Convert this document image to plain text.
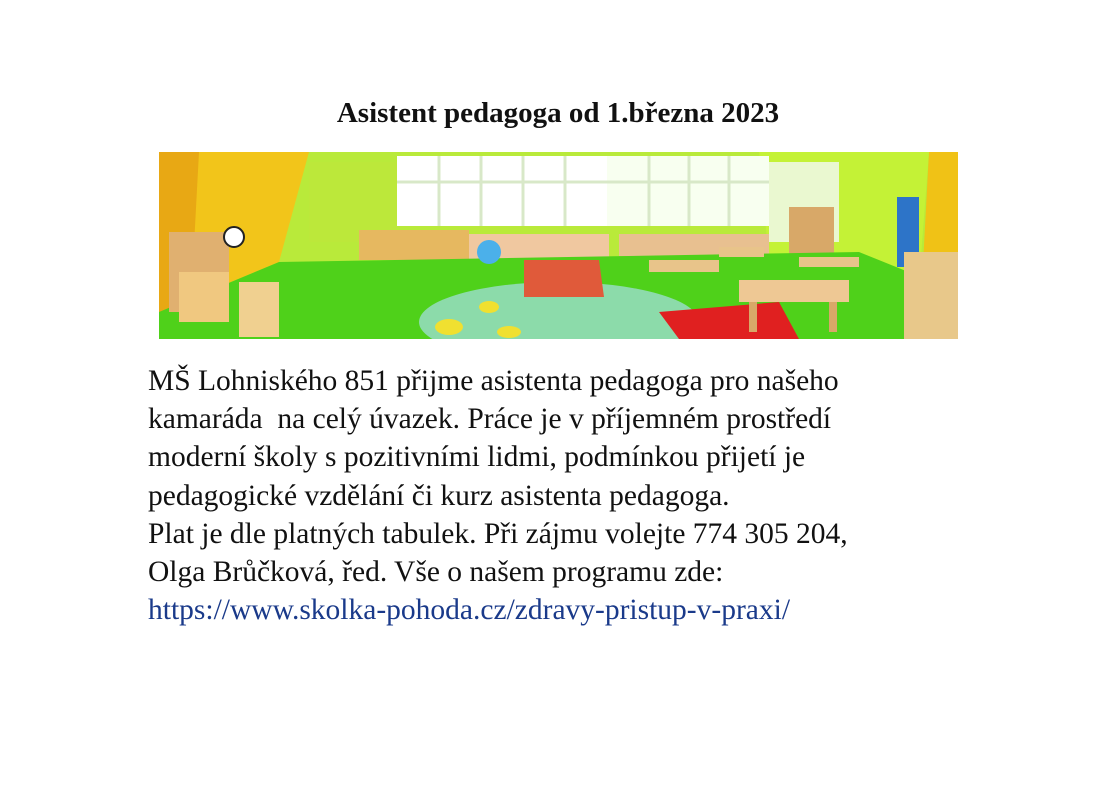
Asistent pedagoga od 1.března 2023
MŠ Lohniského 851 přijme asistenta pedagoga pro našeho
kamaráda  na celý úvazek. Práce je v příjemném prostředí
moderní školy s pozitivními lidmi, podmínkou přijetí je
pedagogické vzdělání či kurz asistenta pedagoga.
Plat je dle platných tabulek. Při zájmu volejte 774 305 204,
Olga Brůčková, řed. Vše o našem programu zde:
https://www.skolka-pohoda.cz/zdravy-pristup-v-praxi/
